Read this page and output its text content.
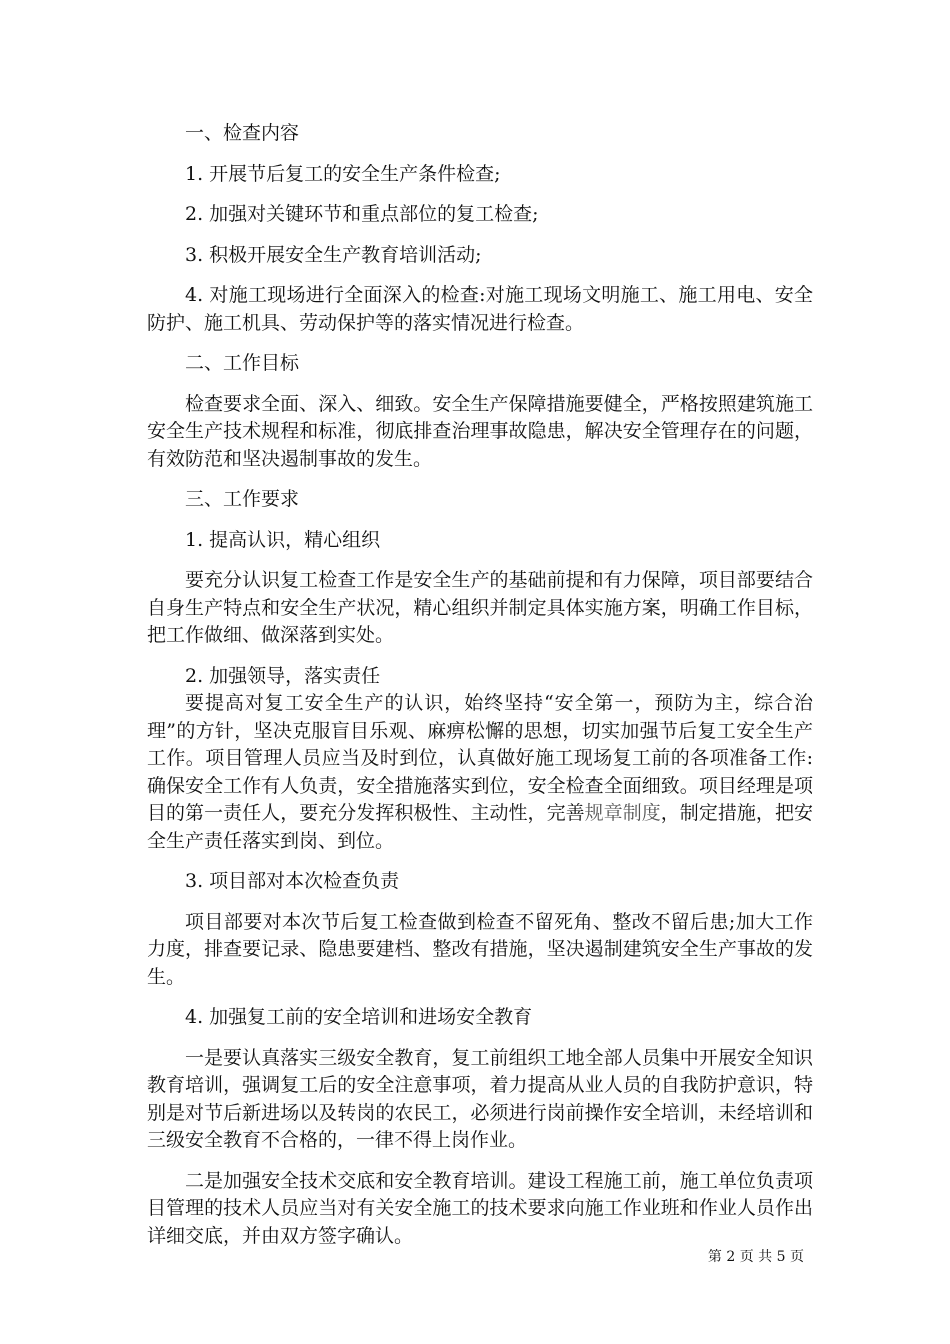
一、检查内容

1. 开展节后复工的安全生产条件检查;

2. 加强对关键环节和重点部位的复工检查;

3. 积极开展安全生产教育培训活动;

4. 对施工现场进行全面深入的检查:对施工现场文明施工、施工用电、安全防护、施工机具、劳动保护等的落实情况进行检查。

二、工作目标

检查要求全面、深入、细致。安全生产保障措施要健全，严格按照建筑施工安全生产技术规程和标准，彻底排查治理事故隐患，解决安全管理存在的问题，有效防范和坚决遏制事故的发生。

三、工作要求

1. 提高认识，精心组织

要充分认识复工检查工作是安全生产的基础前提和有力保障，项目部要结合自身生产特点和安全生产状况，精心组织并制定具体实施方案，明确工作目标，把工作做细、做深落到实处。

2. 加强领导，落实责任

要提高对复工安全生产的认识，始终坚持“安全第一，预防为主，综合治理”的方针，坚决克服盲目乐观、麻痹松懈的思想，切实加强节后复工安全生产工作。项目管理人员应当及时到位，认真做好施工现场复工前的各项准备工作:确保安全工作有人负责，安全措施落实到位，安全检查全面细致。项目经理是项目的第一责任人，要充分发挥积极性、主动性，完善规章制度，制定措施，把安全生产责任落实到岗、到位。

3. 项目部对本次检查负责

项目部要对本次节后复工检查做到检查不留死角、整改不留后患;加大工作力度，排查要记录、隐患要建档、整改有措施，坚决遏制建筑安全生产事故的发生。

4. 加强复工前的安全培训和进场安全教育

一是要认真落实三级安全教育，复工前组织工地全部人员集中开展安全知识教育培训，强调复工后的安全注意事项，着力提高从业人员的自我防护意识，特别是对节后新进场以及转岗的农民工，必须进行岗前操作安全培训，未经培训和三级安全教育不合格的，一律不得上岗作业。

二是加强安全技术交底和安全教育培训。建设工程施工前，施工单位负责项目管理的技术人员应当对有关安全施工的技术要求向施工作业班和作业人员作出详细交底，并由双方签字确认。

第 2 页 共 5 页
